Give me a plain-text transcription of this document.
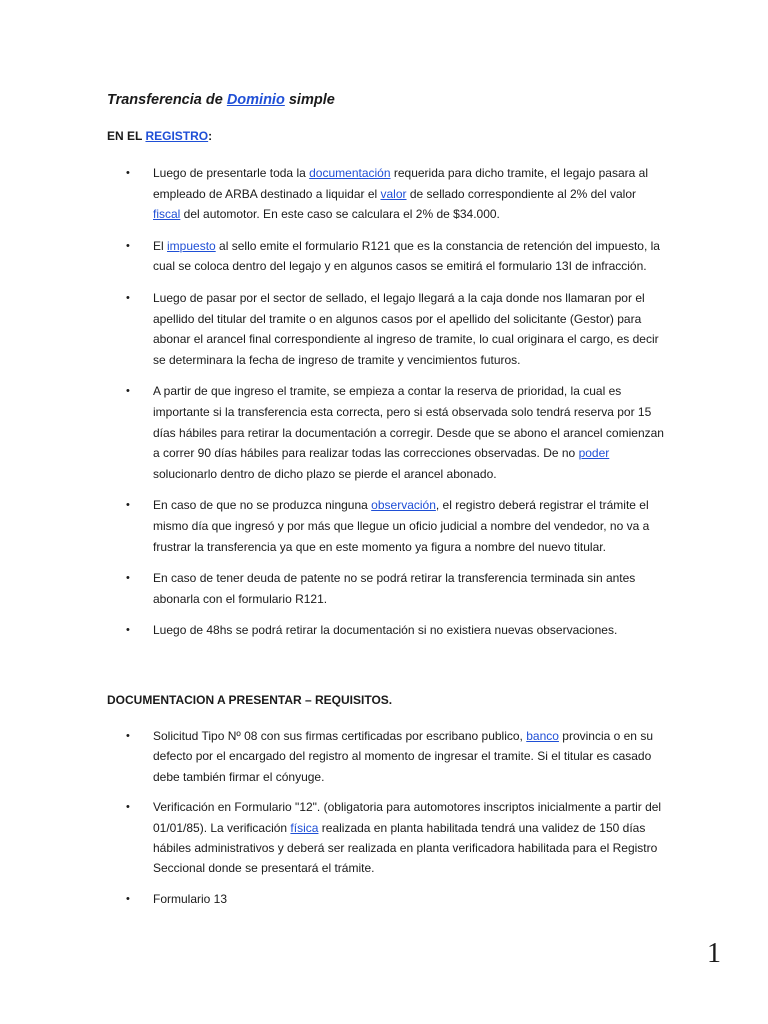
Transferencia de Dominio simple
EN EL REGISTRO:
• Luego de presentarle toda la documentación requerida para dicho tramite, el legajo pasara al empleado de ARBA destinado a liquidar el valor de sellado correspondiente al 2% del valor fiscal del automotor. En este caso se calculara el 2% de $34.000.
• El impuesto al sello emite el formulario R121 que es la constancia de retención del impuesto, la cual se coloca dentro del legajo y en algunos casos se emitirá el formulario 13I de infracción.
• Luego de pasar por el sector de sellado, el legajo llegará a la caja donde nos llamaran por el apellido del titular del tramite o en algunos casos por el apellido del solicitante (Gestor) para abonar el arancel final correspondiente al ingreso de tramite, lo cual originara el cargo, es decir se determinara la fecha de ingreso de tramite y vencimientos futuros.
• A partir de que ingreso el tramite, se empieza a contar la reserva de prioridad, la cual es importante si la transferencia esta correcta, pero si está observada solo tendrá reserva por 15 días hábiles para retirar la documentación a corregir. Desde que se abono el arancel comienzan a correr 90 días hábiles para realizar todas las correcciones observadas. De no poder solucionarlo dentro de dicho plazo se pierde el arancel abonado.
• En caso de que no se produzca ninguna observación, el registro deberá registrar el trámite el mismo día que ingresó y por más que llegue un oficio judicial a nombre del vendedor, no va a frustrar la transferencia ya que en este momento ya figura a nombre del nuevo titular.
• En caso de tener deuda de patente no se podrá retirar la transferencia terminada sin antes abonarla con el formulario R121.
• Luego de 48hs se podrá retirar la documentación si no existiera nuevas observaciones.
DOCUMENTACION A PRESENTAR – REQUISITOS.
• Solicitud Tipo Nº 08 con sus firmas certificadas por escribano publico, banco provincia o en su defecto por el encargado del registro al momento de ingresar el tramite. Si el titular es casado debe también firmar el cónyuge.
• Verificación en Formulario "12". (obligatoria para automotores inscriptos inicialmente a partir del 01/01/85). La verificación física realizada en planta habilitada tendrá una validez de 150 días hábiles administrativos y deberá ser realizada en planta verificadora habilitada para el Registro Seccional donde se presentará el trámite.
• Formulario 13
1
